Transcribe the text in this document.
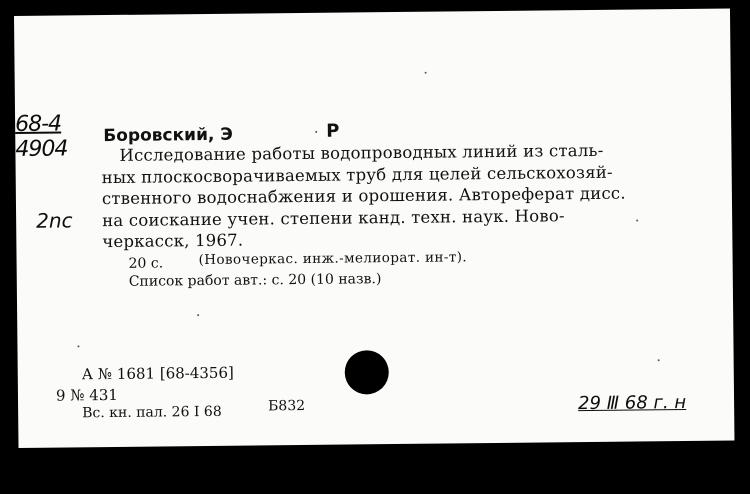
68-4
4904
2nc
Боровский, Э	Р
Исследование работы водопроводных линий из сталь-
ных плоскосворачиваемых труб для целей сельскохозяй-
ственного водоснабжения и орошения. Автореферат дисс.
на соискание учен. степени канд. техн. наук. Ново-
черкасск, 1967.
20 с.	(Новочеркас. инж.-мелиорат. ин-т).
Список работ авт.: с. 20 (10 назв.)
А № 1681 [68-4356]
9 № 431
Вс. кн. пал. 26 I 68	Б832	29 Ⅲ 68 г. н
